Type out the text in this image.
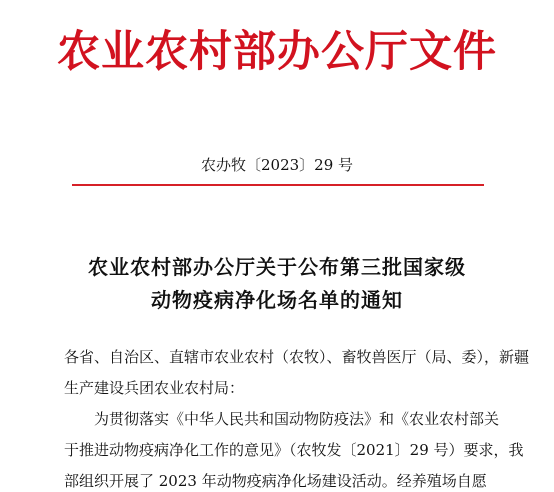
农业农村部办公厅文件
农办牧〔2023〕29 号
农业农村部办公厅关于公布第三批国家级
动物疫病净化场名单的通知
各省、自治区、直辖市农业农村（农牧）、畜牧兽医厅（局、委），新疆
生产建设兵团农业农村局：
为贯彻落实《中华人民共和国动物防疫法》和《农业农村部关
于推进动物疫病净化工作的意见》（农牧发〔2021〕29 号）要求，我
部组织开展了 2023 年动物疫病净化场建设活动。经养殖场自愿
